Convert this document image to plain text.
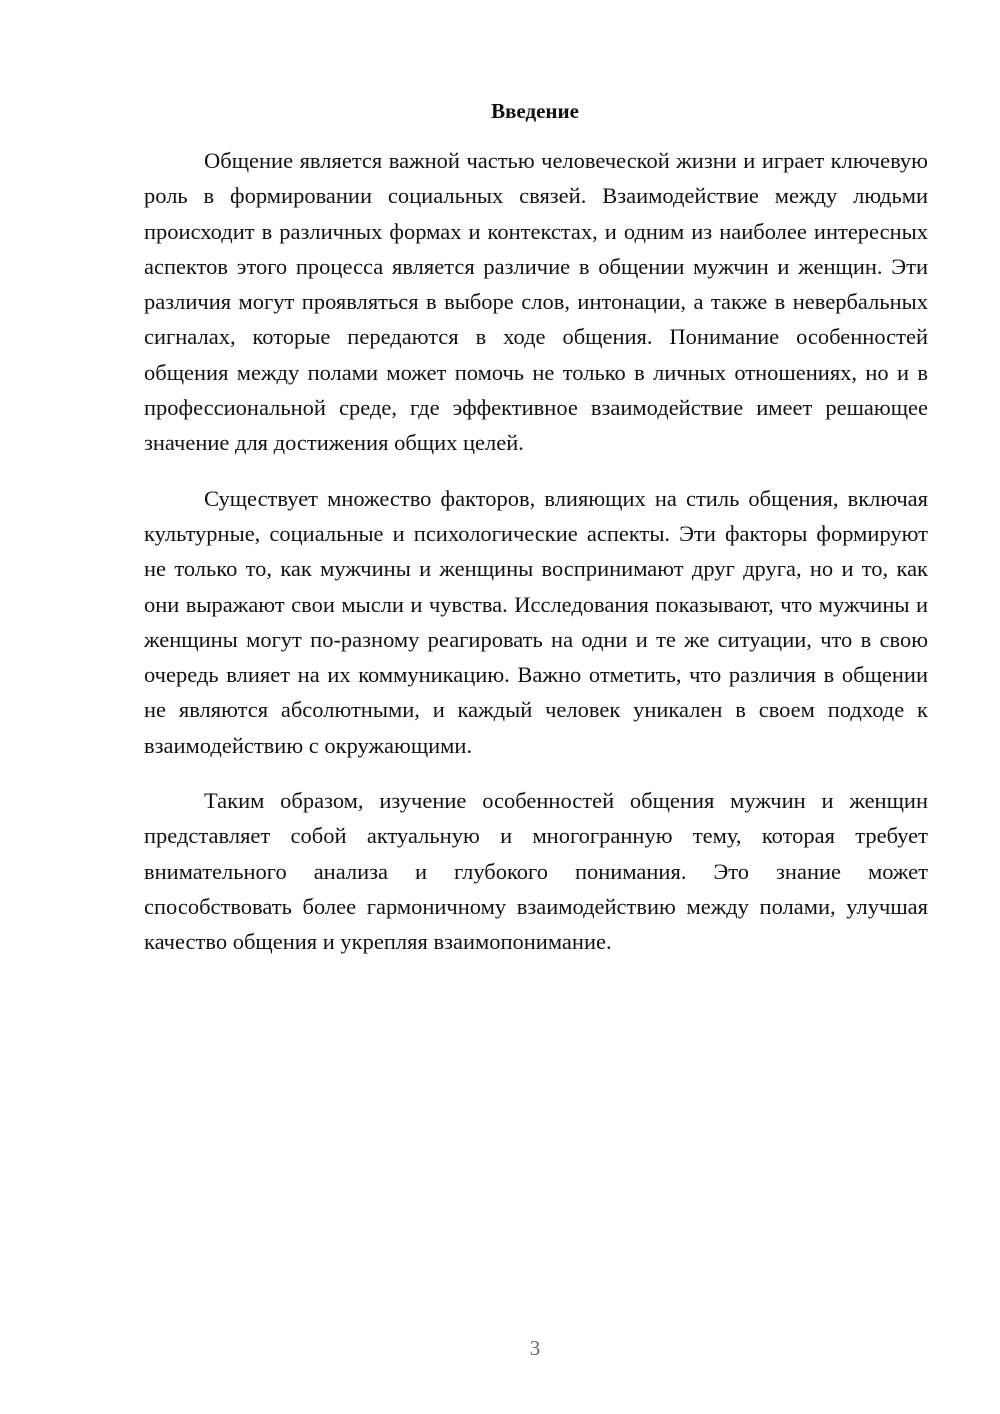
Введение

Общение является важной частью человеческой жизни и играет ключевую роль в формировании социальных связей. Взаимодействие между людьми происходит в различных формах и контекстах, и одним из наиболее интересных аспектов этого процесса является различие в общении мужчин и женщин. Эти различия могут проявляться в выборе слов, интонации, а также в невербальных сигналах, которые передаются в ходе общения. Понимание особенностей общения между полами может помочь не только в личных отношениях, но и в профессиональной среде, где эффективное взаимодействие имеет решающее значение для достижения общих целей.

Существует множество факторов, влияющих на стиль общения, включая культурные, социальные и психологические аспекты. Эти факторы формируют не только то, как мужчины и женщины воспринимают друг друга, но и то, как они выражают свои мысли и чувства. Исследования показывают, что мужчины и женщины могут по-разному реагировать на одни и те же ситуации, что в свою очередь влияет на их коммуникацию. Важно отметить, что различия в общении не являются абсолютными, и каждый человек уникален в своем подходе к взаимодействию с окружающими.

Таким образом, изучение особенностей общения мужчин и женщин представляет собой актуальную и многогранную тему, которая требует внимательного анализа и глубокого понимания. Это знание может способствовать более гармоничному взаимодействию между полами, улучшая качество общения и укрепляя взаимопонимание.

3
